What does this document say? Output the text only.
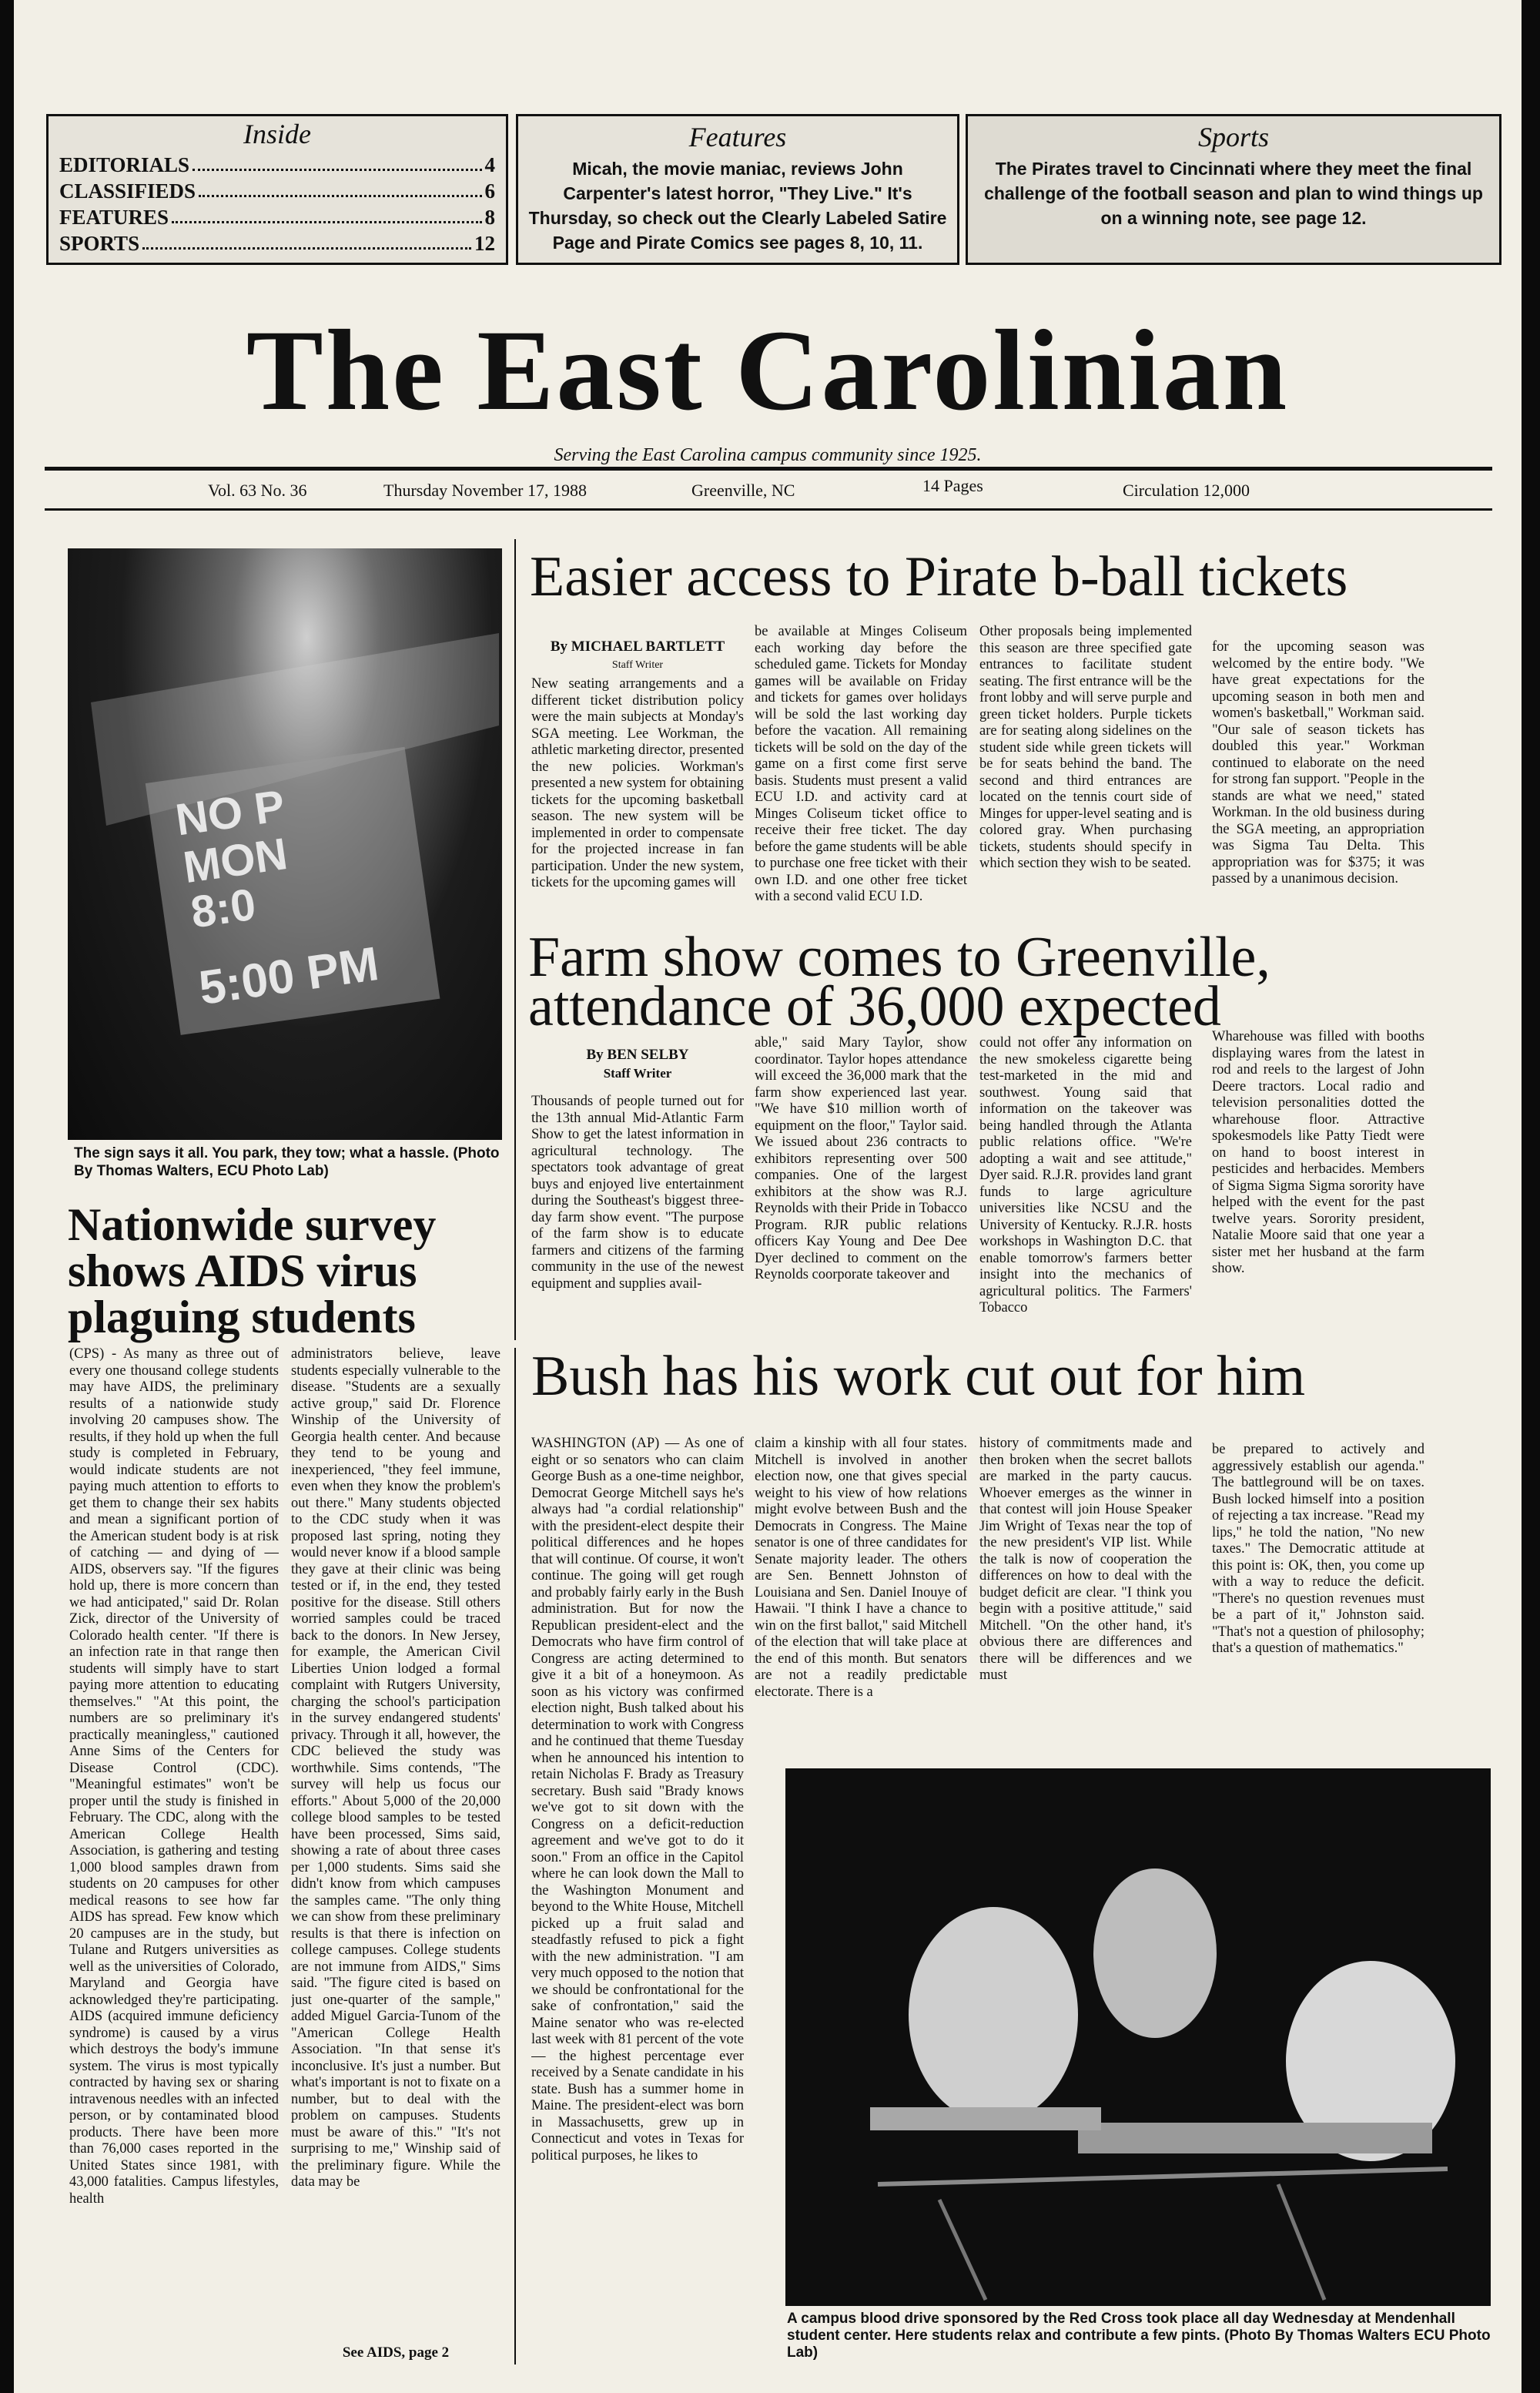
Inside
EDITORIALS	4
CLASSIFIEDS	6
FEATURES	8
SPORTS	12
Features
Micah, the movie maniac, reviews John Carpenter's latest horror, "They Live." It's Thursday, so check out the Clearly Labeled Satire Page and Pirate Comics see pages 8, 10, 11.
Sports
The Pirates travel to Cincinnati where they meet the final challenge of the football season and plan to wind things up on a winning note, see page 12.
The East Carolinian
Serving the East Carolina campus community since 1925.
Vol. 63 No. 36	Thursday November 17, 1988	Greenville, NC	14 Pages	Circulation 12,000
NO P
MON
8:0
5:00 PM
The sign says it all. You park, they tow; what a hassle. (Photo By Thomas Walters, ECU Photo Lab)
Easier access to Pirate b-ball tickets
By MICHAEL BARTLETT
Staff Writer
New seating arrangements and a different ticket distribution policy were the main subjects at Monday's SGA meeting. Lee Workman, the athletic marketing director, presented the new policies. Workman's presented a new system for obtaining tickets for the upcoming basketball season. The new system will be implemented in order to compensate for the projected increase in fan participation. Under the new system, tickets for the upcoming games will
be available at Minges Coliseum each working day before the scheduled game. Tickets for Monday games will be available on Friday and tickets for games over holidays will be sold the last working day before the vacation. All remaining tickets will be sold on the day of the game on a first come first serve basis. Students must present a valid ECU I.D. and activity card at Minges Coliseum ticket office to receive their free ticket. The day before the game students will be able to purchase one free ticket with their own I.D. and one other free ticket with a second valid ECU I.D.
Other proposals being implemented this season are three specified gate entrances to facilitate student seating. The first entrance will be the front lobby and will serve purple and green ticket holders. Purple tickets are for seating along sidelines on the student side while green tickets will be for seats behind the band. The second and third entrances are located on the tennis court side of Minges for upper-level seating and is colored gray. When purchasing tickets, students should specify in which section they wish to be seated.
for the upcoming season was welcomed by the entire body. "We have great expectations for the upcoming season in both men and women's basketball," Workman said. "Our sale of season tickets has doubled this year." Workman continued to elaborate on the need for strong fan support. "People in the stands are what we need," stated Workman. In the old business during the SGA meeting, an appropriation was Sigma Tau Delta. This appropriation was for $375; it was passed by a unanimous decision.
Farm show comes to Greenville,
attendance of 36,000 expected
By BEN SELBY
Staff Writer
Thousands of people turned out for the 13th annual Mid-Atlantic Farm Show to get the latest information in agricultural technology. The spectators took advantage of great buys and enjoyed live entertainment during the Southeast's biggest three-day farm show event. "The purpose of the farm show is to educate farmers and citizens of the farming community in the use of the newest equipment and supplies avail-
able," said Mary Taylor, show coordinator. Taylor hopes attendance will exceed the 36,000 mark that the farm show experienced last year. "We have $10 million worth of equipment on the floor," Taylor said. We issued about 236 contracts to exhibitors representing over 500 companies. One of the largest exhibitors at the show was R.J. Reynolds with their Pride in Tobacco Program. RJR public relations officers Kay Young and Dee Dee Dyer declined to comment on the Reynolds coorporate takeover and
could not offer any information on the new smokeless cigarette being test-marketed in the mid and southwest. Young said that information on the takeover was being handled through the Atlanta public relations office. "We're adopting a wait and see attitude," Dyer said. R.J.R. provides land grant funds to large agriculture universities like NCSU and the University of Kentucky. R.J.R. hosts workshops in Washington D.C. that enable tomorrow's farmers better insight into the mechanics of agricultural politics. The Farmers' Tobacco
Wharehouse was filled with booths displaying wares from the latest in rod and reels to the largest of John Deere tractors. Local radio and television personalities dotted the wharehouse floor. Attractive spokesmodels like Patty Tiedt were on hand to boost interest in pesticides and herbacides. Members of Sigma Sigma Sigma sorority have helped with the event for the past twelve years. Sorority president, Natalie Moore said that one year a sister met her husband at the farm show.
Nationwide survey shows AIDS virus plaguing students
(CPS) - As many as three out of every one thousand college students may have AIDS, the preliminary results of a nationwide study involving 20 campuses show. The results, if they hold up when the full study is completed in February, would indicate students are not paying much attention to efforts to get them to change their sex habits and mean a significant portion of the American student body is at risk of catching — and dying of — AIDS, observers say. "If the figures hold up, there is more concern than we had anticipated," said Dr. Rolan Zick, director of the University of Colorado health center. "If there is an infection rate in that range then students will simply have to start paying more attention to educating themselves." "At this point, the numbers are so preliminary it's practically meaningless," cautioned Anne Sims of the Centers for Disease Control (CDC). "Meaningful estimates" won't be proper until the study is finished in February. The CDC, along with the American College Health Association, is gathering and testing 1,000 blood samples drawn from students on 20 campuses for other medical reasons to see how far AIDS has spread. Few know which 20 campuses are in the study, but Tulane and Rutgers universities as well as the universities of Colorado, Maryland and Georgia have acknowledged they're participating. AIDS (acquired immune deficiency syndrome) is caused by a virus which destroys the body's immune system. The virus is most typically contracted by having sex or sharing intravenous needles with an infected person, or by contaminated blood products. There have been more than 76,000 cases reported in the United States since 1981, with 43,000 fatalities. Campus lifestyles, health
administrators believe, leave students especially vulnerable to the disease. "Students are a sexually active group," said Dr. Florence Winship of the University of Georgia health center. And because they tend to be young and inexperienced, "they feel immune, even when they know the problem's out there." Many students objected to the CDC study when it was proposed last spring, noting they would never know if a blood sample they gave at their clinic was being tested or if, in the end, they tested positive for the disease. Still others worried samples could be traced back to the donors. In New Jersey, for example, the American Civil Liberties Union lodged a formal complaint with Rutgers University, charging the school's participation in the survey endangered students' privacy. Through it all, however, the CDC believed the study was worthwhile. Sims contends, "The survey will help us focus our efforts." About 5,000 of the 20,000 college blood samples to be tested have been processed, Sims said, showing a rate of about three cases per 1,000 students. Sims said she didn't know from which campuses the samples came. "The only thing we can show from these preliminary results is that there is infection on college campuses. College students are not immune from AIDS," Sims said. "The figure cited is based on just one-quarter of the sample," added Miguel Garcia-Tunom of the "American College Health Association. "In that sense it's inconclusive. It's just a number. But what's important is not to fixate on a number, but to deal with the problem on campuses. Students must be aware of this." "It's not surprising to me," Winship said of the preliminary figure. While the data may be
See AIDS, page 2
Bush has his work cut out for him
WASHINGTON (AP) — As one of eight or so senators who can claim George Bush as a one-time neighbor, Democrat George Mitchell says he's always had "a cordial relationship" with the president-elect despite their political differences and he hopes that will continue. Of course, it won't continue. The going will get rough and probably fairly early in the Bush administration. But for now the Republican president-elect and the Democrats who have firm control of Congress are acting determined to give it a bit of a honeymoon. As soon as his victory was confirmed election night, Bush talked about his determination to work with Congress and he continued that theme Tuesday when he announced his intention to retain Nicholas F. Brady as Treasury secretary. Bush said "Brady knows we've got to sit down with the Congress on a deficit-reduction agreement and we've got to do it soon." From an office in the Capitol where he can look down the Mall to the Washington Monument and beyond to the White House, Mitchell picked up a fruit salad and steadfastly refused to pick a fight with the new administration. "I am very much opposed to the notion that we should be confrontational for the sake of confrontation," said the Maine senator who was re-elected last week with 81 percent of the vote — the highest percentage ever received by a Senate candidate in his state. Bush has a summer home in Maine. The president-elect was born in Massachusetts, grew up in Connecticut and votes in Texas for political purposes, he likes to
claim a kinship with all four states. Mitchell is involved in another election now, one that gives special weight to his view of how relations might evolve between Bush and the Democrats in Congress. The Maine senator is one of three candidates for Senate majority leader. The others are Sen. Bennett Johnston of Louisiana and Sen. Daniel Inouye of Hawaii. "I think I have a chance to win on the first ballot," said Mitchell of the election that will take place at the end of this month. But senators are not a readily predictable electorate. There is a
history of commitments made and then broken when the secret ballots are marked in the party caucus. Whoever emerges as the winner in that contest will join House Speaker Jim Wright of Texas near the top of the new president's VIP list. While the talk is now of cooperation the differences on how to deal with the budget deficit are clear. "I think you begin with a positive attitude," said Mitchell. "On the other hand, it's obvious there are differences and there will be differences and we must
be prepared to actively and aggressively establish our agenda." The battleground will be on taxes. Bush locked himself into a position of rejecting a tax increase. "Read my lips," he told the nation, "No new taxes." The Democratic attitude at this point is: OK, then, you come up with a way to reduce the deficit. "There's no question revenues must be a part of it," Johnston said. "That's not a question of philosophy; that's a question of mathematics."
A campus blood drive sponsored by the Red Cross took place all day Wednesday at Mendenhall student center. Here students relax and contribute a few pints. (Photo By Thomas Walters ECU Photo Lab)
